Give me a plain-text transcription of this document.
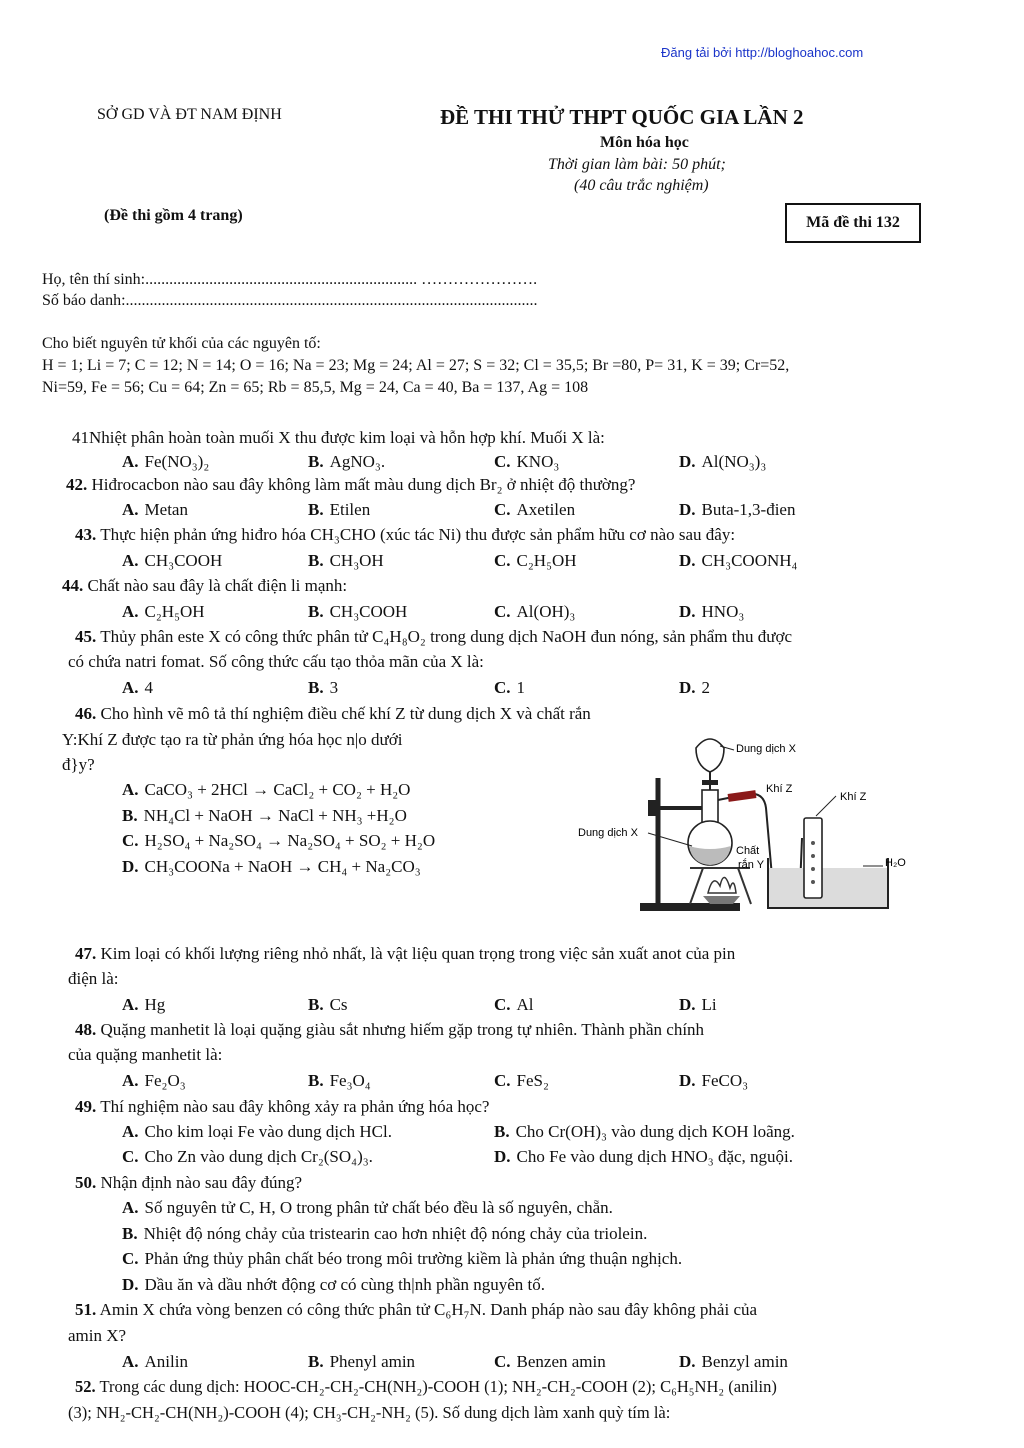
Đăng tải bởi http://bloghoahoc.com
SỞ GD VÀ ĐT NAM ĐỊNH	ĐỀ THI THỬ THPT QUỐC GIA LẦN 2
Môn hóa học
Thời gian làm bài: 50 phút;
(40 câu trắc nghiệm)
(Đề thi gồm 4 trang)	Mã đề thi 132
Họ, tên thí sinh:.................................................................... ………………….
Số báo danh:.......................................................................................................
Cho biết nguyên tử khối của các nguyên tố:
H = 1; Li = 7; C = 12; N = 14; O = 16; Na = 23; Mg = 24; Al = 27; S = 32; Cl = 35,5; Br =80, P= 31, K = 39; Cr=52,
Ni=59, Fe = 56; Cu = 64; Zn = 65; Rb = 85,5, Mg = 24, Ca = 40, Ba = 137, Ag = 108
41Nhiệt phân hoàn toàn muối X thu được kim loại và hỗn hợp khí. Muối X là:
A. Fe(NO₃)₂	B. AgNO₃.	C. KNO₃	D. Al(NO₃)₃
42. Hiđrocacbon nào sau đây không làm mất màu dung dịch Br₂ ở nhiệt độ thường?
A. Metan	B. Etilen	C. Axetilen	D. Buta-1,3-đien
43. Thực hiện phản ứng hiđro hóa CH₃CHO (xúc tác Ni) thu được sản phẩm hữu cơ nào sau đây:
A. CH₃COOH	B. CH₃OH	C. C₂H₅OH	D. CH₃COONH₄
44. Chất nào sau đây là chất điện li mạnh:
A. C₂H₅OH	B. CH₃COOH	C. Al(OH)₃	D. HNO₃
45. Thủy phân este X có công thức phân tử C₄H₈O₂ trong dung dịch NaOH đun nóng, sản phẩm thu được
có chứa natri fomat. Số công thức cấu tạo thỏa mãn của X là:
A. 4	B. 3	C. 1	D. 2
46. Cho hình vẽ mô tả thí nghiệm điều chế khí Z từ dung dịch X và chất rắn
Y:Khí Z được tạo ra từ phản ứng hóa học n|o dưới
đ}y?
A. CaCO₃ + 2HCl → CaCl₂ + CO₂ + H₂O
B. NH₄Cl + NaOH → NaCl + NH₃ +H₂O
C. H₂SO₄ + Na₂SO₄ → Na₂SO₄ + SO₂ + H₂O
D. CH₃COONa + NaOH → CH₄ + Na₂CO₃
Dung dịch X
Dung dịch X
Khí Z
Khí Z
Chất
rắn Y	H₂O
47. Kim loại có khối lượng riêng nhỏ nhất, là vật liệu quan trọng trong việc sản xuất anot của pin
điện là:
A. Hg	B. Cs	C. Al	D. Li
48. Quặng manhetit là loại quặng giàu sắt nhưng hiếm gặp trong tự nhiên. Thành phần chính
của quặng manhetit là:
A. Fe₂O₃	B. Fe₃O₄	C. FeS₂	D. FeCO₃
49. Thí nghiệm nào sau đây không xảy ra phản ứng hóa học?
A. Cho kim loại Fe vào dung dịch HCl.	B. Cho Cr(OH)₃ vào dung dịch KOH loãng.
C. Cho Zn vào dung dịch Cr₂(SO₄)₃.	D. Cho Fe vào dung dịch HNO₃ đặc, nguội.
50. Nhận định nào sau đây đúng?
A. Số nguyên tử C, H, O trong phân tử chất béo đều là số nguyên, chẵn.
B. Nhiệt độ nóng chảy của tristearin cao hơn nhiệt độ nóng chảy của triolein.
C. Phản ứng thủy phân chất béo trong môi trường kiềm là phản ứng thuận nghịch.
D. Dầu ăn và dầu nhớt động cơ có cùng th|nh phần nguyên tố.
51. Amin X chứa vòng benzen có công thức phân tử C₆H₇N. Danh pháp nào sau đây không phải của
amin X?
A. Anilin	B. Phenyl amin	C. Benzen amin	D. Benzyl amin
52. Trong các dung dịch: HOOC-CH₂-CH₂-CH(NH₂)-COOH (1); NH₂-CH₂-COOH (2); C₆H₅NH₂ (anilin)
(3); NH₂-CH₂-CH(NH₂)-COOH (4); CH₃-CH₂-NH₂ (5). Số dung dịch làm xanh quỳ tím là:
